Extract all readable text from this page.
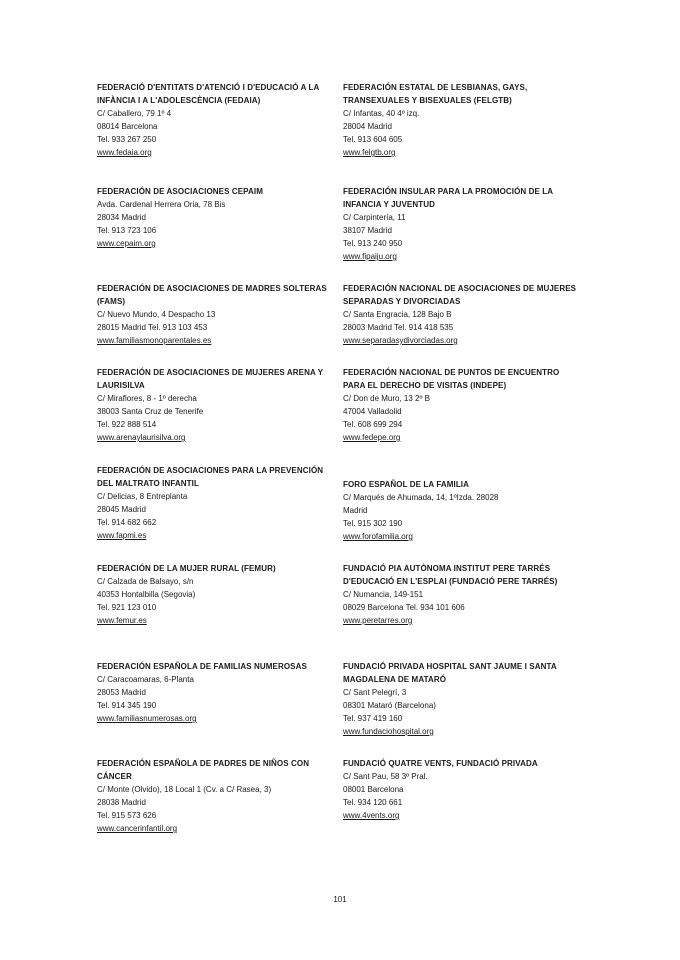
FEDERACIÓ D'ENTITATS D'ATENCIÓ I D'EDUCACIÓ A LA INFÀNCIA I A L'ADOLESCÈNCIA (FEDAIA)
C/ Caballero, 79 1º 4
08014 Barcelona
Tel. 933 267 250
www.fedaia.org
FEDERACIÓN DE ASOCIACIONES CEPAIM
Avda. Cardenal Herrera Oria, 78 Bis
28034 Madrid
Tel. 913 723 106
www.cepaim.org
FEDERACIÓN DE ASOCIACIONES DE MADRES SOLTERAS (FAMS)
C/ Nuevo Mundo, 4 Despacho 13
28015 Madrid Tel. 913 103 453
www.familiasmonoparentales.es
FEDERACIÓN DE ASOCIACIONES DE MUJERES ARENA Y LAURISILVA
C/ Miraflores, 8 - 1º derecha
38003 Santa Cruz de Tenerife
Tel. 922 888 514
www.arenaylaurisilva.org
FEDERACIÓN DE ASOCIACIONES PARA LA PREVENCIÓN DEL MALTRATO INFANTIL
C/ Delicias, 8 Entreplanta
28045 Madrid
Tel. 914 682 662
www.fapmi.es
FEDERACIÓN DE LA MUJER RURAL (FEMUR)
C/ Calzada de Balsayo, s/n
40353 Hontalbilla (Segovia)
Tel. 921 123 010
www.femur.es
FEDERACIÓN ESPAÑOLA DE FAMILIAS NUMEROSAS
C/ Caracoamaras, 6-Planta
28053 Madrid
Tel. 914 345 190
www.familiasnumerosas.org
FEDERACIÓN ESPAÑOLA DE PADRES DE NIÑOS CON CÁNCER
C/ Monte (Olvido), 18 Local 1 (Cv. a C/ Rasea, 3)
28038 Madrid
Tel. 915 573 626
www.cancerinfantil.org
FEDERACIÓN ESTATAL DE LESBIANAS, GAYS, TRANSEXUALES Y BISEXUALES (FELGTB)
C/ Infantas, 40 4º izq.
28004 Madrid
Tel. 913 604 605
www.felgtb.org
FEDERACIÓN INSULAR PARA LA PROMOCIÓN DE LA INFANCIA Y JUVENTUD
C/ Carpintería, 11
38107 Madrid
Tel. 913 240 950
www.fipaiju.org
FEDERACIÓN NACIONAL DE ASOCIACIONES DE MUJERES SEPARADAS Y DIVORCIADAS
C/ Santa Engracia, 128 Bajo B
28003 Madrid Tel. 914 418 535
www.separadasydivorciadas.org
FEDERACIÓN NACIONAL DE PUNTOS DE ENCUENTRO PARA EL DERECHO DE VISITAS (INDEPE)
C/ Don de Muro, 13 2º B
47004 Valladolid
Tel. 608 699 294
www.fedepe.org
FORO ESPAÑOL DE LA FAMILIA
C/ Marqués de Ahumada, 14, 1ºIzda. 28028
Madrid
Tel. 915 302 190
www.forofamilia.org
FUNDACIÓ PIA AUTÒNOMA INSTITUT PERE TARRÉS D'EDUCACIÓ EN L'ESPLAI (FUNDACIÓ PERE TARRÉS)
C/ Numancia, 149-151
08029 Barcelona Tel. 934 101 606
www.peretarres.org
FUNDACIÓ PRIVADA HOSPITAL SANT JAUME I SANTA MAGDALENA DE MATARÓ
C/ Sant Pelegrí, 3
08301 Mataró (Barcelona)
Tel. 937 419 160
www.fundaciohospital.org
FUNDACIÓ QUATRE VENTS, FUNDACIÓ PRIVADA
C/ Sant Pau, 58 3º Pral.
08001 Barcelona
Tel. 934 120 661
www.4vents.org
101
